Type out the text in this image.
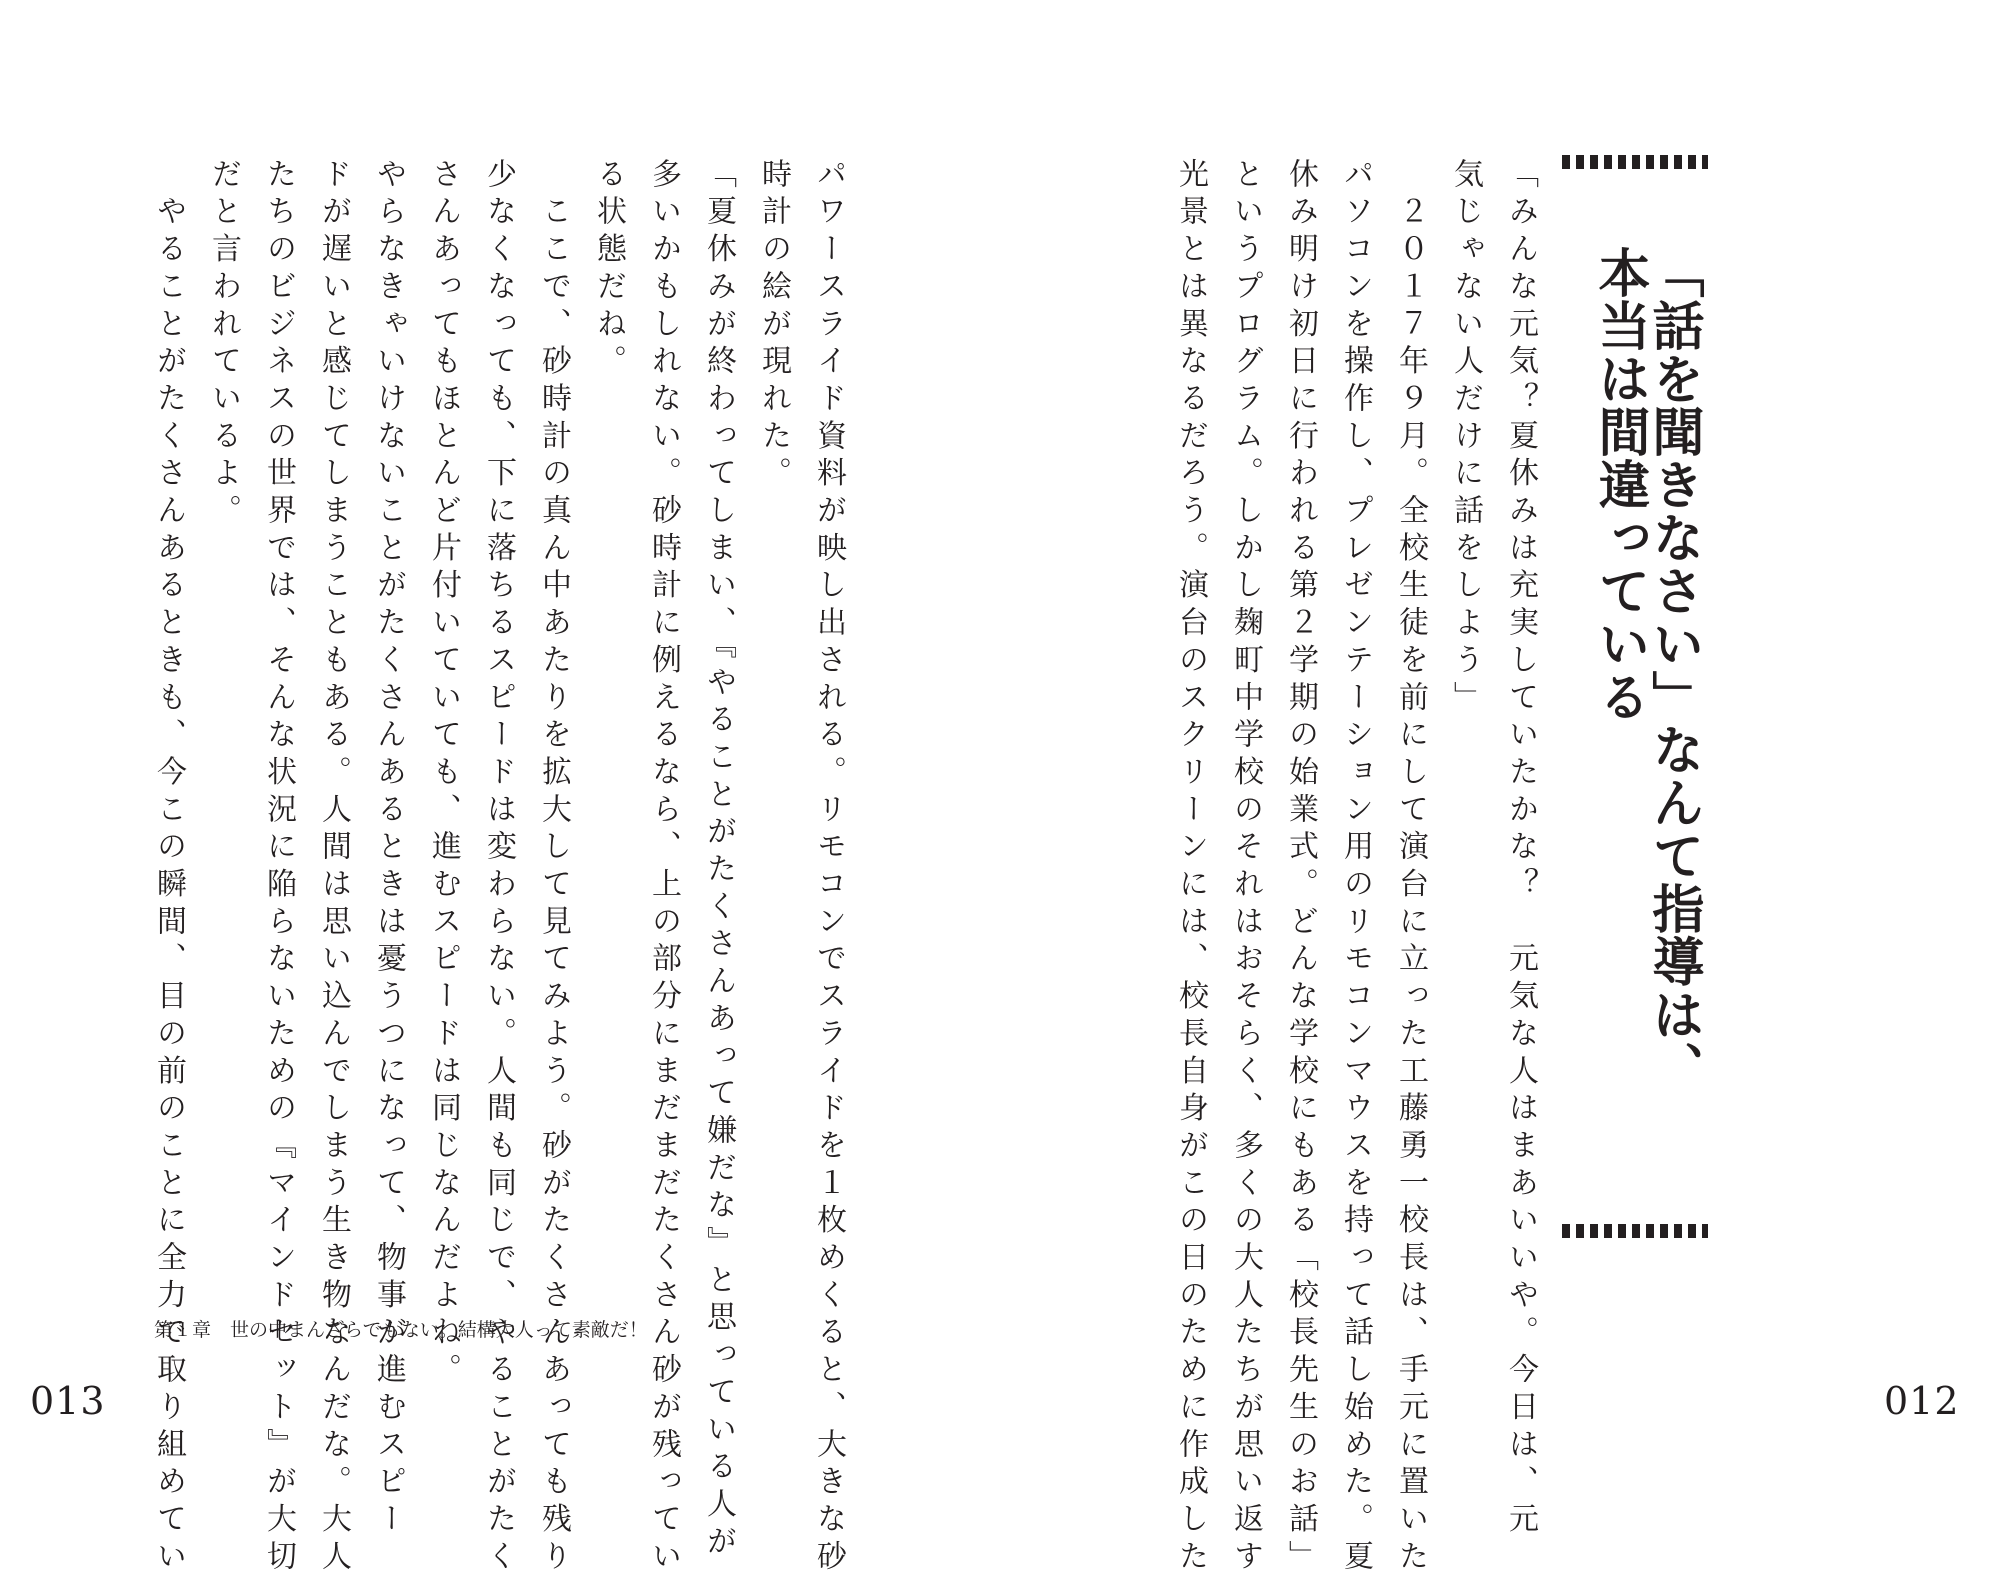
「話を聞きなさい」なんて指導は、
本当は間違っている
「みんな元気？夏休みは充実していたかな？　元気な人はまあいいや。今日は、元
気じゃない人だけに話をしよう」
　２０１７年９月。全校生徒を前にして演台に立った工藤勇一校長は、手元に置いた
パソコンを操作し、プレゼンテーション用のリモコンマウスを持って話し始めた。夏
休み明け初日に行われる第２学期の始業式。どんな学校にもある「校長先生のお話」
というプログラム。しかし麹町中学校のそれはおそらく、多くの大人たちが思い返す
光景とは異なるだろう。演台のスクリーンには、校長自身がこの日のために作成した	012
パワースライド資料が映し出される。リモコンでスライドを１枚めくると、大きな砂
時計の絵が現れた。
「夏休みが終わってしまい、『やることがたくさんあって嫌だな』と思っている人が
多いかもしれない。砂時計に例えるなら、上の部分にまだまだたくさん砂が残ってい
る状態だね。
　ここで、砂時計の真ん中あたりを拡大して見てみよう。砂がたくさんあっても残り
少なくなっても、下に落ちるスピードは変わらない。人間も同じで、やることがたく
さんあってもほとんど片付いていても、進むスピードは同じなんだよね。
やらなきゃいけないことがたくさんあるときは憂うつになって、物事が進むスピー
ドが遅いと感じてしまうこともある。人間は思い込んでしまう生き物なんだな。大人
たちのビジネスの世界では、そんな状況に陥らないための『マインドセット』が大切
だと言われているよ。
　やることがたくさんあるときも、今この瞬間、目の前のことに全力で取り組めてい
第１章　世の中まんざらでもない。結構大人って素敵だ！
013
